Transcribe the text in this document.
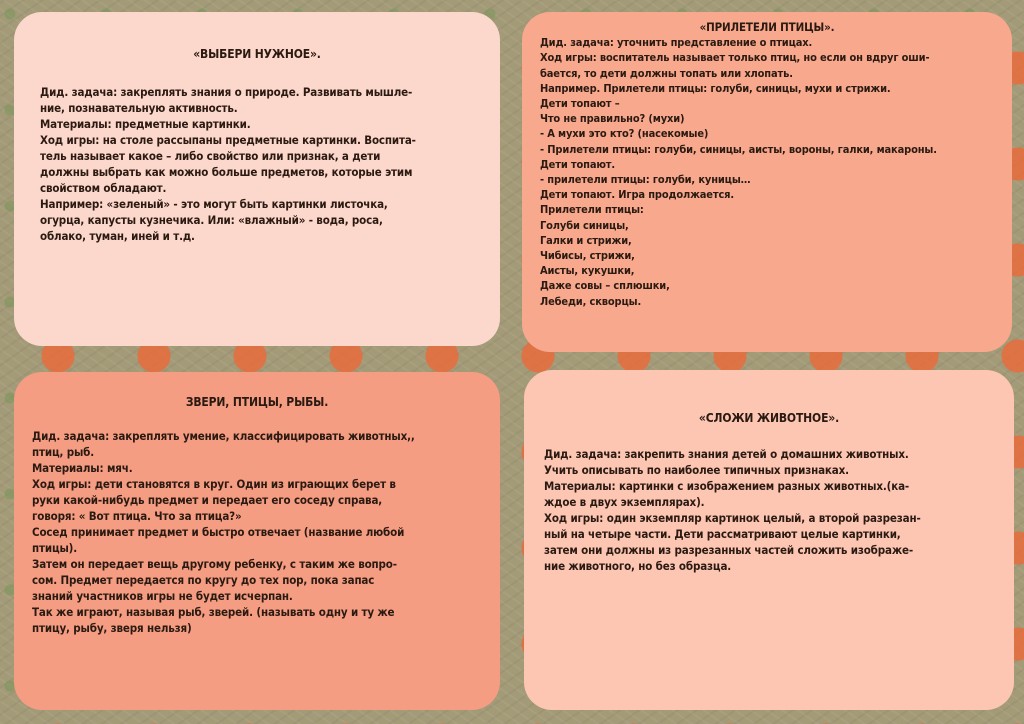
«ВЫБЕРИ НУЖНОЕ».

Дид. задача: закреплять знания о природе. Развивать мышле-

ние, познавательную активность.

Материалы: предметные картинки.

Ход игры: на столе рассыпаны предметные картинки. Воспита-

тель называет какое – либо свойство или признак, а дети

должны выбрать как можно больше предметов, которые этим

свойством обладают.

Например: «зеленый» - это могут быть картинки листочка,

огурца, капусты кузнечика. Или: «влажный» - вода, роса,

облако, туман, иней и т.д.

«ПРИЛЕТЕЛИ ПТИЦЫ».

Дид. задача: уточнить представление о птицах.

Ход игры: воспитатель называет только птиц, но если он вдруг оши-

бается, то дети должны топать или хлопать.

Например. Прилетели птицы: голуби, синицы, мухи и стрижи.

Дети топают –

Что не правильно? (мухи)

- А мухи это кто? (насекомые)

- Прилетели птицы: голуби, синицы, аисты, вороны, галки, макароны.

Дети топают.

- прилетели птицы: голуби, куницы…

Дети топают. Игра продолжается.

Прилетели птицы:

Голуби синицы,

Галки и стрижи,

Чибисы, стрижи,

Аисты, кукушки,

Даже совы – сплюшки,

Лебеди, скворцы.

ЗВЕРИ, ПТИЦЫ, РЫБЫ.

Дид. задача: закреплять умение, классифицировать животных,,

птиц, рыб.

Материалы: мяч.

Ход игры: дети становятся в круг. Один из играющих берет в

руки какой-нибудь предмет и передает его соседу справа,

говоря: « Вот птица. Что за птица?»

Сосед принимает предмет и быстро отвечает (название любой

птицы).

Затем он передает вещь другому ребенку, с таким же вопро-

сом. Предмет передается по кругу до тех пор, пока запас

знаний участников игры не будет исчерпан.

Так же играют, называя рыб, зверей. (называть одну и ту же

птицу, рыбу, зверя нельзя)

«СЛОЖИ ЖИВОТНОЕ».

Дид. задача: закрепить знания детей о домашних животных.

Учить описывать по наиболее типичных признаках.

Материалы: картинки с изображением разных животных.(ка-

ждое в двух экземплярах).

Ход игры: один экземпляр картинок целый, а второй разрезан-

ный на четыре части. Дети рассматривают целые картинки,

затем они должны из разрезанных частей сложить изображе-

ние животного, но без образца.
